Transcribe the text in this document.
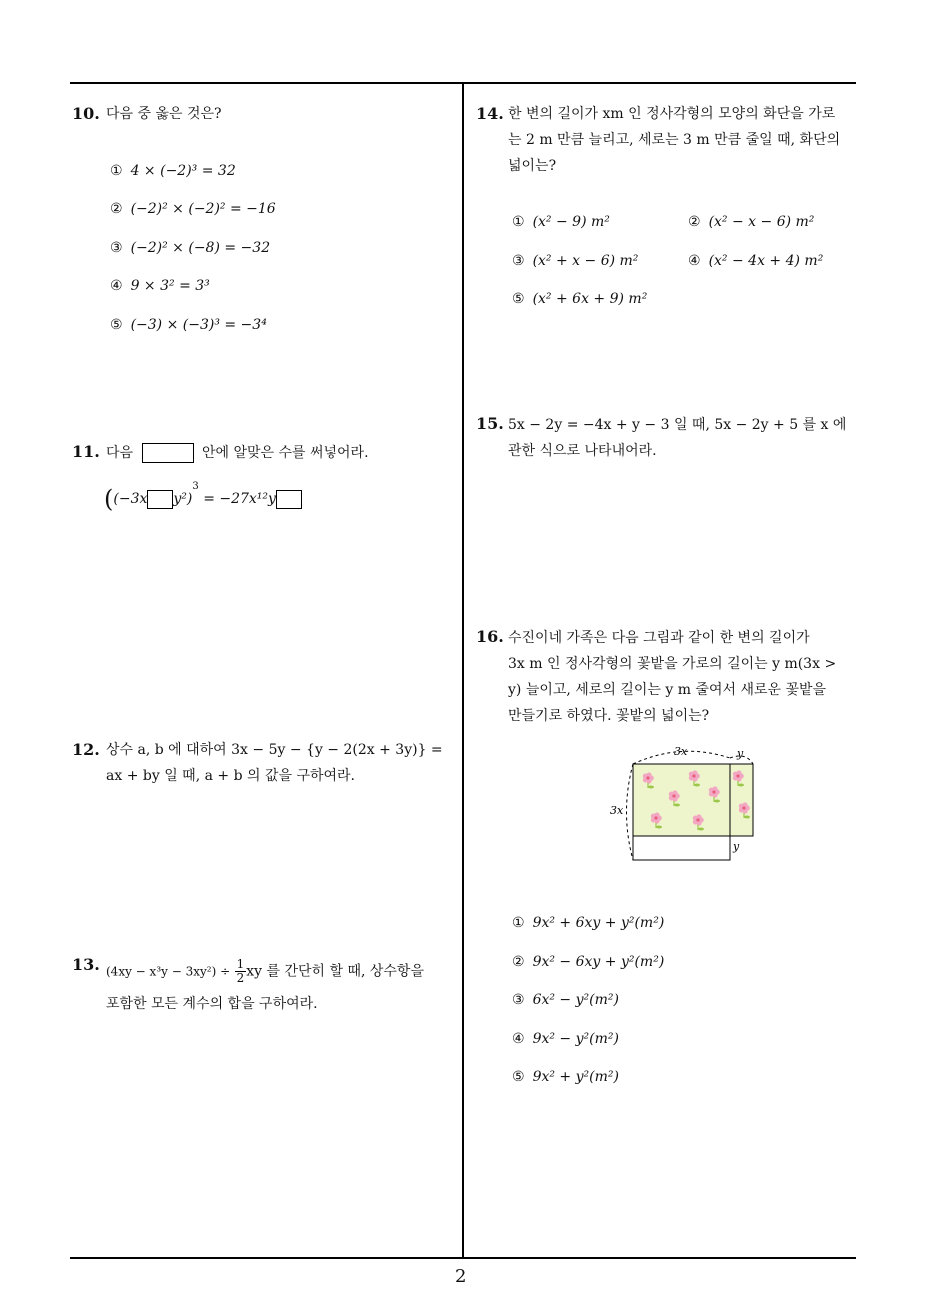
10. 다음 중 옳은 것은?
① 4 × (−2)³ = 32
② (−2)² × (−2)² = −16
③ (−2)² × (−8) = −32
④ 9 × 3² = 3³
⑤ (−3) × (−3)³ = −3⁴
11. 다음	안에 알맞은 수를 써넣어라.
((−3x y²)$^3$ = −27x¹²y
12. 상수 a, b 에 대하여 3x − 5y − {y − 2(2x + 3y)} =
ax + by 일 때, a + b 의 값을 구하여라.
13. $(4xy - x^3y - 3xy^2) \div \frac{1}{2}$ xy 를 간단히 할 때, 상수항을
포함한 모든 계수의 합을 구하여라.
14. 한 변의 길이가 xm 인 정사각형의 모양의 화단을 가로
는 2 m 만큼 늘리고, 세로는 3 m 만큼 줄일 때, 화단의
넓이는?
① (x² − 9) m²	② (x² − x − 6) m²
③ (x² + x − 6) m²	④ (x² − 4x + 4) m²
⑤ (x² + 6x + 9) m²
15. 5x − 2y = −4x + y − 3 일 때, 5x − 2y + 5 를 x 에
관한 식으로 나타내어라.
16. 수진이네 가족은 다음 그림과 같이 한 변의 길이가
3x m 인 정사각형의 꽃밭을 가로의 길이는 y m(3x >
y) 늘이고, 세로의 길이는 y m 줄여서 새로운 꽃밭을
만들기로 하였다. 꽃밭의 넓이는?
3x	y
3x
y
① 9x² + 6xy + y²(m²)
② 9x² − 6xy + y²(m²)
③ 6x² − y²(m²)
④ 9x² − y²(m²)
⑤ 9x² + y²(m²)
2
